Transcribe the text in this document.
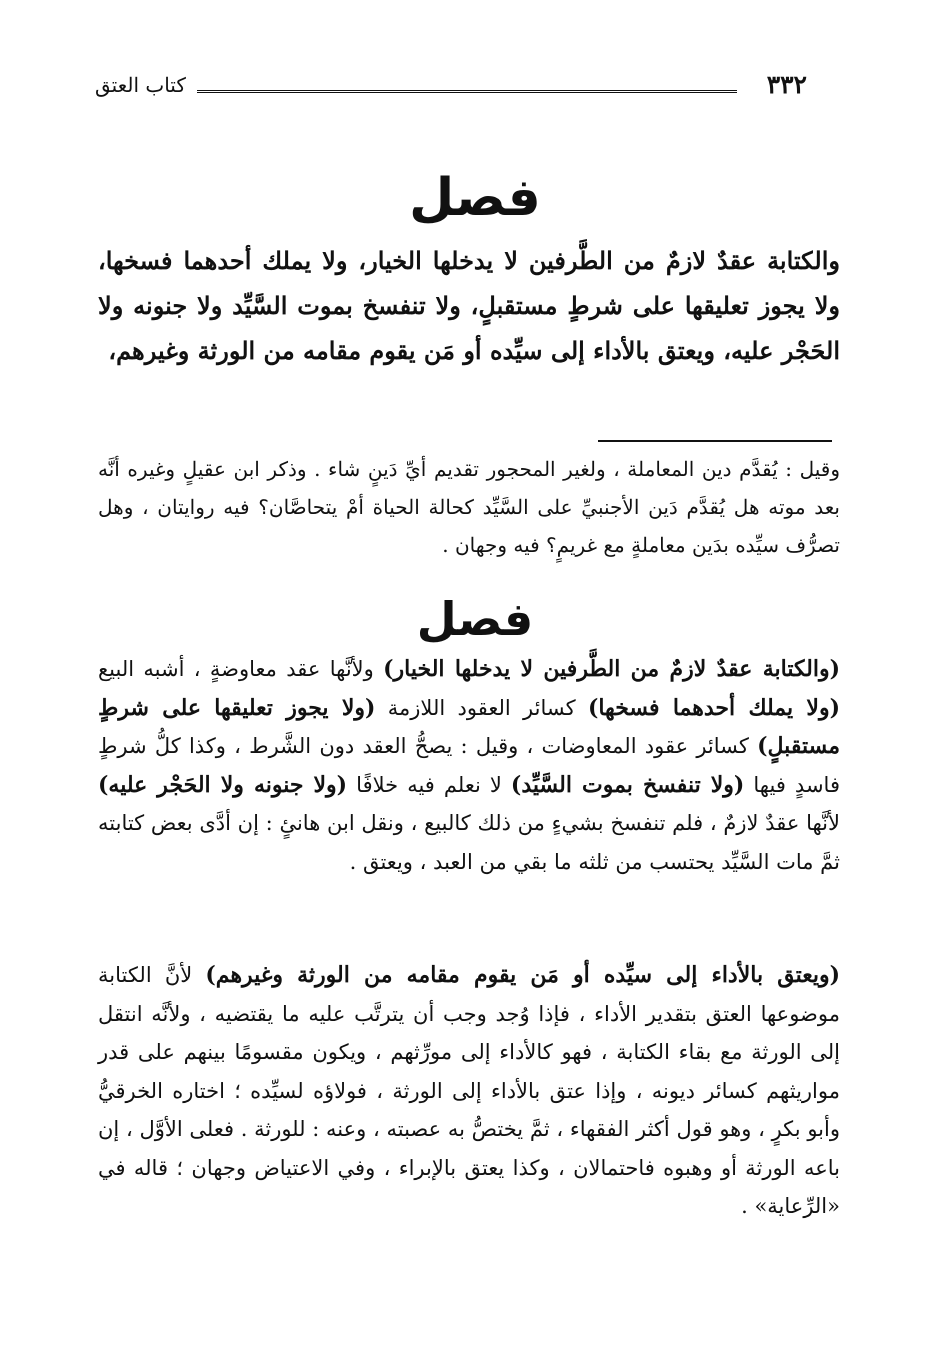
٣٣٢
كتاب العتق
فصل
والكتابة عقدٌ لازمٌ من الطَّرفين لا يدخلها الخيار، ولا يملك أحدهما فسخها، ولا يجوز تعليقها على شرطٍ مستقبلٍ، ولا تنفسخ بموت السَّيِّد ولا جنونه ولا الحَجْر عليه، ويعتق بالأداء إلى سيِّده أو مَن يقوم مقامه من الورثة وغيرهم،
وقيل : يُقدَّم دين المعاملة ، ولغير المحجور تقديم أيِّ دَينٍ شاء . وذكر ابن عقيلٍ وغيره أنَّه بعد موته هل يُقدَّم دَين الأجنبيِّ على السَّيِّد كحالة الحياة أمْ يتحاصَّان؟ فيه روايتان ، وهل تصرُّف سيِّده بدَين معاملةٍ مع غريمٍ؟ فيه وجهان .
فصل
(والكتابة عقدٌ لازمٌ من الطَّرفين لا يدخلها الخيار) ولأنَّها عقد معاوضةٍ ، أشبه البيع (ولا يملك أحدهما فسخها) كسائر العقود اللازمة (ولا يجوز تعليقها على شرطٍ مستقبلٍ) كسائر عقود المعاوضات ، وقيل : يصحُّ العقد دون الشَّرط ، وكذا كلُّ شرطٍ فاسدٍ فيها (ولا تنفسخ بموت السَّيِّد) لا نعلم فيه خلافًا (ولا جنونه ولا الحَجْر عليه) لأنَّها عقدٌ لازمٌ ، فلم تنفسخ بشيءٍ من ذلك كالبيع ، ونقل ابن هانئٍ : إن أدَّى بعض كتابته ثمَّ مات السَّيِّد يحتسب من ثلثه ما بقي من العبد ، ويعتق .
(ويعتق بالأداء إلى سيِّده أو مَن يقوم مقامه من الورثة وغيرهم) لأنَّ الكتابة موضوعها العتق بتقدير الأداء ، فإذا وُجد وجب أن يترتَّب عليه ما يقتضيه ، ولأنَّه انتقل إلى الورثة مع بقاء الكتابة ، فهو كالأداء إلى مورِّثهم ، ويكون مقسومًا بينهم على قدر مواريثهم كسائر ديونه ، وإذا عتق بالأداء إلى الورثة ، فولاؤه لسيِّده ؛ اختاره الخرقيُّ وأبو بكرٍ ، وهو قول أكثر الفقهاء ، ثمَّ يختصُّ به عصبته ، وعنه : للورثة . فعلى الأوَّل ، إن باعه الورثة أو وهبوه فاحتمالان ، وكذا يعتق بالإبراء ، وفي الاعتياض وجهان ؛ قاله في «الرِّعاية» .
